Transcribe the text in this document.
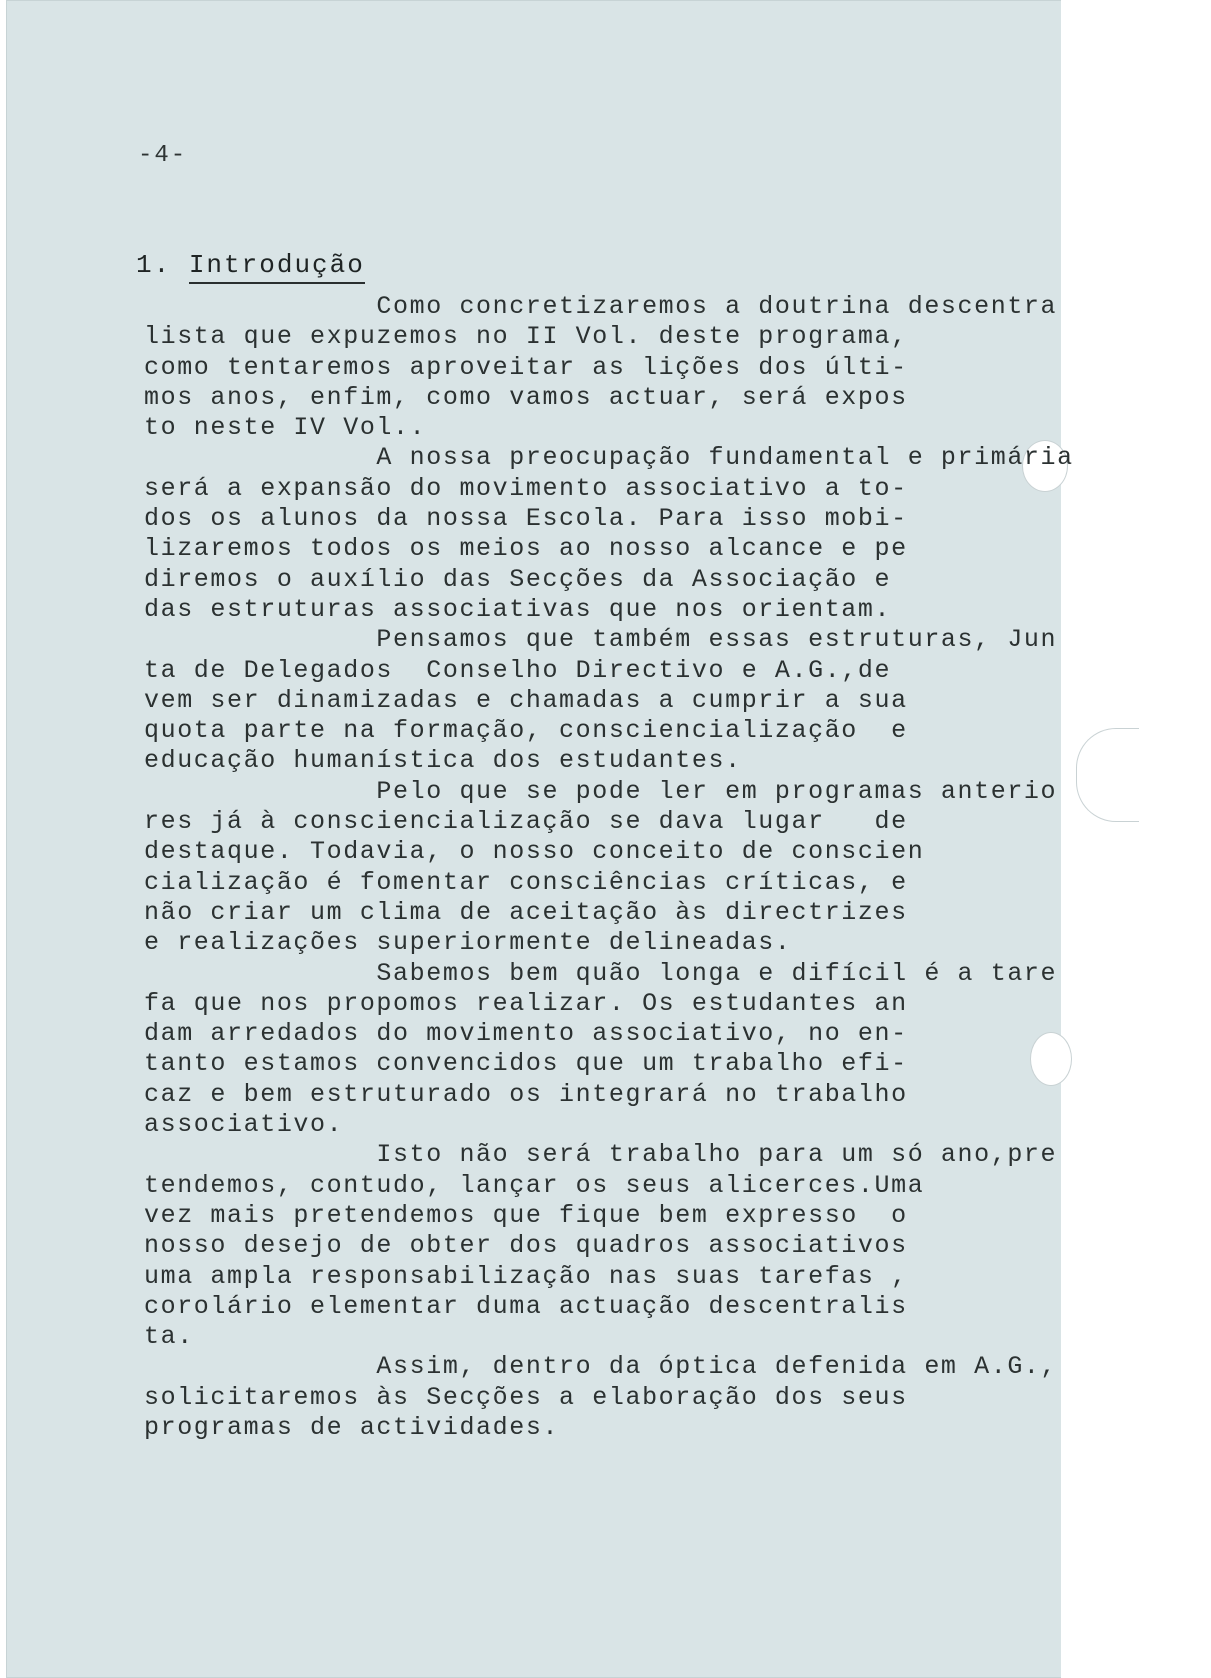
-4-
1. Introdução
Como concretizaremos a doutrina descentra
lista que expuzemos no II Vol. deste programa,
como tentaremos aproveitar as lições dos últi-
mos anos, enfim, como vamos actuar, será expos
to neste IV Vol..
A nossa preocupação fundamental e primária
será a expansão do movimento associativo a to-
dos os alunos da nossa Escola. Para isso mobi-
lizaremos todos os meios ao nosso alcance e pe
diremos o auxílio das Secções da Associação e
das estruturas associativas que nos orientam.
Pensamos que também essas estruturas, Jun
ta de Delegados  Conselho Directivo e A.G.,de
vem ser dinamizadas e chamadas a cumprir a sua
quota parte na formação, consciencialização  e
educação humanística dos estudantes.
Pelo que se pode ler em programas anterio
res já à consciencialização se dava lugar   de
destaque. Todavia, o nosso conceito de conscien
cialização é fomentar consciências críticas, e
não criar um clima de aceitação às directrizes
e realizações superiormente delineadas.
Sabemos bem quão longa e difícil é a tare
fa que nos propomos realizar. Os estudantes an
dam arredados do movimento associativo, no en-
tanto estamos convencidos que um trabalho efi-
caz e bem estruturado os integrará no trabalho
associativo.
Isto não será trabalho para um só ano,pre
tendemos, contudo, lançar os seus alicerces.Uma
vez mais pretendemos que fique bem expresso  o
nosso desejo de obter dos quadros associativos
uma ampla responsabilização nas suas tarefas ,
corolário elementar duma actuação descentralis
ta.
Assim, dentro da óptica defenida em A.G.,
solicitaremos às Secções a elaboração dos seus
programas de actividades.
